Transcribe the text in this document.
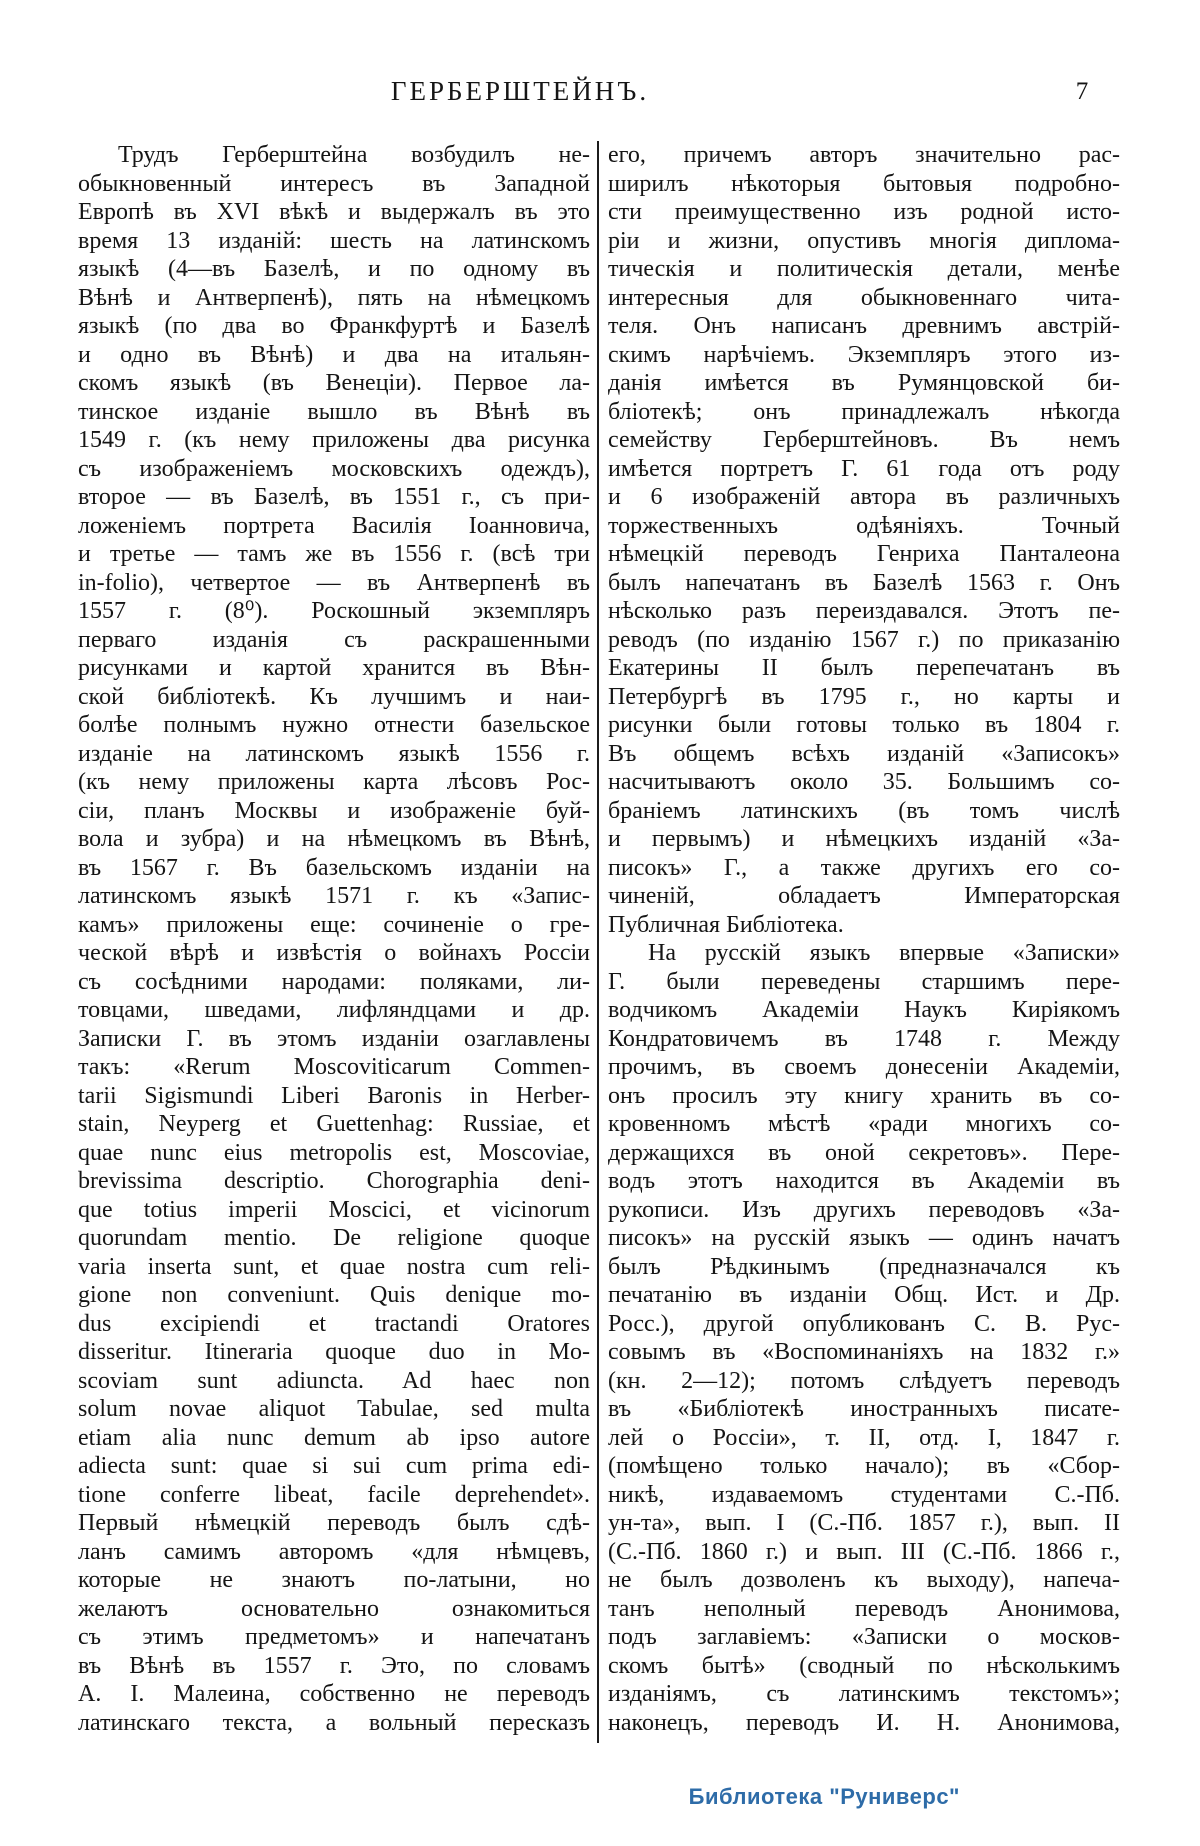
ГЕРБЕРШТЕЙНЪ.	7
Трудъ Герберштейна возбудилъ не-
обыкновенный интересъ въ Западной
Европѣ въ XVI вѣкѣ и выдержалъ въ это
время 13 изданій: шесть на латинскомъ
языкѣ (4—въ Базелѣ, и по одному въ
Вѣнѣ и Антверпенѣ), пять на нѣмецкомъ
языкѣ (по два во Франкфуртѣ и Базелѣ
и одно въ Вѣнѣ) и два на итальян-
скомъ языкѣ (въ Венеціи). Первое ла-
тинское изданіе вышло въ Вѣнѣ въ
1549 г. (къ нему приложены два рисунка
съ изображеніемъ московскихъ одеждъ),
второе — въ Базелѣ, въ 1551 г., съ при-
ложеніемъ портрета Василія Іоанновича,
и третье — тамъ же въ 1556 г. (всѣ три
in-folio), четвертое — въ Антверпенѣ въ
1557 г. (8⁰). Роскошный экземпляръ
перваго изданія съ раскрашенными
рисунками и картой хранится въ Вѣн-
ской библіотекѣ. Къ лучшимъ и наи-
болѣе полнымъ нужно отнести базельское
изданіе на латинскомъ языкѣ 1556 г.
(къ нему приложены карта лѣсовъ Рос-
сіи, планъ Москвы и изображеніе буй-
вола и зубра) и на нѣмецкомъ въ Вѣнѣ,
въ 1567 г. Въ базельскомъ изданіи на
латинскомъ языкѣ 1571 г. къ «Запис-
камъ» приложены еще: сочиненіе о гре-
ческой вѣрѣ и извѣстія о войнахъ Россіи
съ сосѣдними народами: поляками, ли-
товцами, шведами, лифляндцами и др.
Записки Г. въ этомъ изданіи озаглавлены
такъ: «Rerum Moscoviticarum Commen-
tarii Sigismundi Liberi Baronis in Herber-
stain, Neyperg et Guettenhag: Russiae, et
quae nunc eius metropolis est, Moscoviae,
brevissima descriptio. Chorographia deni-
que totius imperii Moscici, et vicinorum
quorundam mentio. De religione quoque
varia inserta sunt, et quae nostra cum reli-
gione non conveniunt. Quis denique mo-
dus excipiendi et tractandi Oratores
disseritur. Itineraria quoque duo in Mo-
scoviam sunt adiuncta. Ad haec non
solum novae aliquot Tabulae, sed multa
etiam alia nunc demum ab ipso autore
adiecta sunt: quae si sui cum prima edi-
tione conferre libeat, facile deprehendet».
Первый нѣмецкій переводъ былъ сдѣ-
ланъ самимъ авторомъ «для нѣмцевъ,
которые не знаютъ по-латыни, но
желаютъ основательно ознакомиться
съ этимъ предметомъ» и напечатанъ
въ Вѣнѣ въ 1557 г. Это, по словамъ
А. І. Малеина, собственно не переводъ
латинскаго текста, а вольный пересказъ
его, причемъ авторъ значительно рас-
ширилъ нѣкоторыя бытовыя подробно-
сти преимущественно изъ родной исто-
ріи и жизни, опустивъ многія диплома-
тическія и политическія детали, менѣе
интересныя для обыкновеннаго чита-
теля. Онъ написанъ древнимъ австрій-
скимъ нарѣчіемъ. Экземпляръ этого из-
данія имѣется въ Румянцовской би-
бліотекѣ; онъ принадлежалъ нѣкогда
семейству Герберштейновъ. Въ немъ
имѣется портретъ Г. 61 года отъ роду
и 6 изображеній автора въ различныхъ
торжественныхъ одѣяніяхъ. Точный
нѣмецкій переводъ Генриха Панталеона
былъ напечатанъ въ Базелѣ 1563 г. Онъ
нѣсколько разъ переиздавался. Этотъ пе-
реводъ (по изданію 1567 г.) по приказанію
Екатерины II былъ перепечатанъ въ
Петербургѣ въ 1795 г., но карты и
рисунки были готовы только въ 1804 г.
Въ общемъ всѣхъ изданій «Записокъ»
насчитываютъ около 35. Большимъ со-
браніемъ латинскихъ (въ томъ числѣ
и первымъ) и нѣмецкихъ изданій «За-
писокъ» Г., а также другихъ его со-
чиненій, обладаетъ Императорская
Публичная Библіотека.
На русскій языкъ впервые «Записки»
Г. были переведены старшимъ пере-
водчикомъ Академіи Наукъ Киріякомъ
Кондратовичемъ въ 1748 г. Между
прочимъ, въ своемъ донесеніи Академіи,
онъ просилъ эту книгу хранить въ со-
кровенномъ мѣстѣ «ради многихъ со-
держащихся въ оной секретовъ». Пере-
водъ этотъ находится въ Академіи въ
рукописи. Изъ другихъ переводовъ «За-
писокъ» на русскій языкъ — одинъ начатъ
былъ Рѣдкинымъ (предназначался къ
печатанію въ изданіи Общ. Ист. и Др.
Росс.), другой опубликованъ С. В. Рус-
совымъ въ «Воспоминаніяхъ на 1832 г.»
(кн. 2—12); потомъ слѣдуетъ переводъ
въ «Библіотекѣ иностранныхъ писате-
лей о Россіи», т. II, отд. I, 1847 г.
(помѣщено только начало); въ «Сбор-
никѣ, издаваемомъ студентами С.-Пб.
ун-та», вып. I (С.-Пб. 1857 г.), вып. II
(С.-Пб. 1860 г.) и вып. III (С.-Пб. 1866 г.,
не былъ дозволенъ къ выходу), напеча-
танъ неполный переводъ Анонимова,
подъ заглавіемъ: «Записки о москов-
скомъ бытѣ» (сводный по нѣсколькимъ
изданіямъ, съ латинскимъ текстомъ»;
наконецъ, переводъ И. Н. Анонимова,
Библиотека "Руниверс"
